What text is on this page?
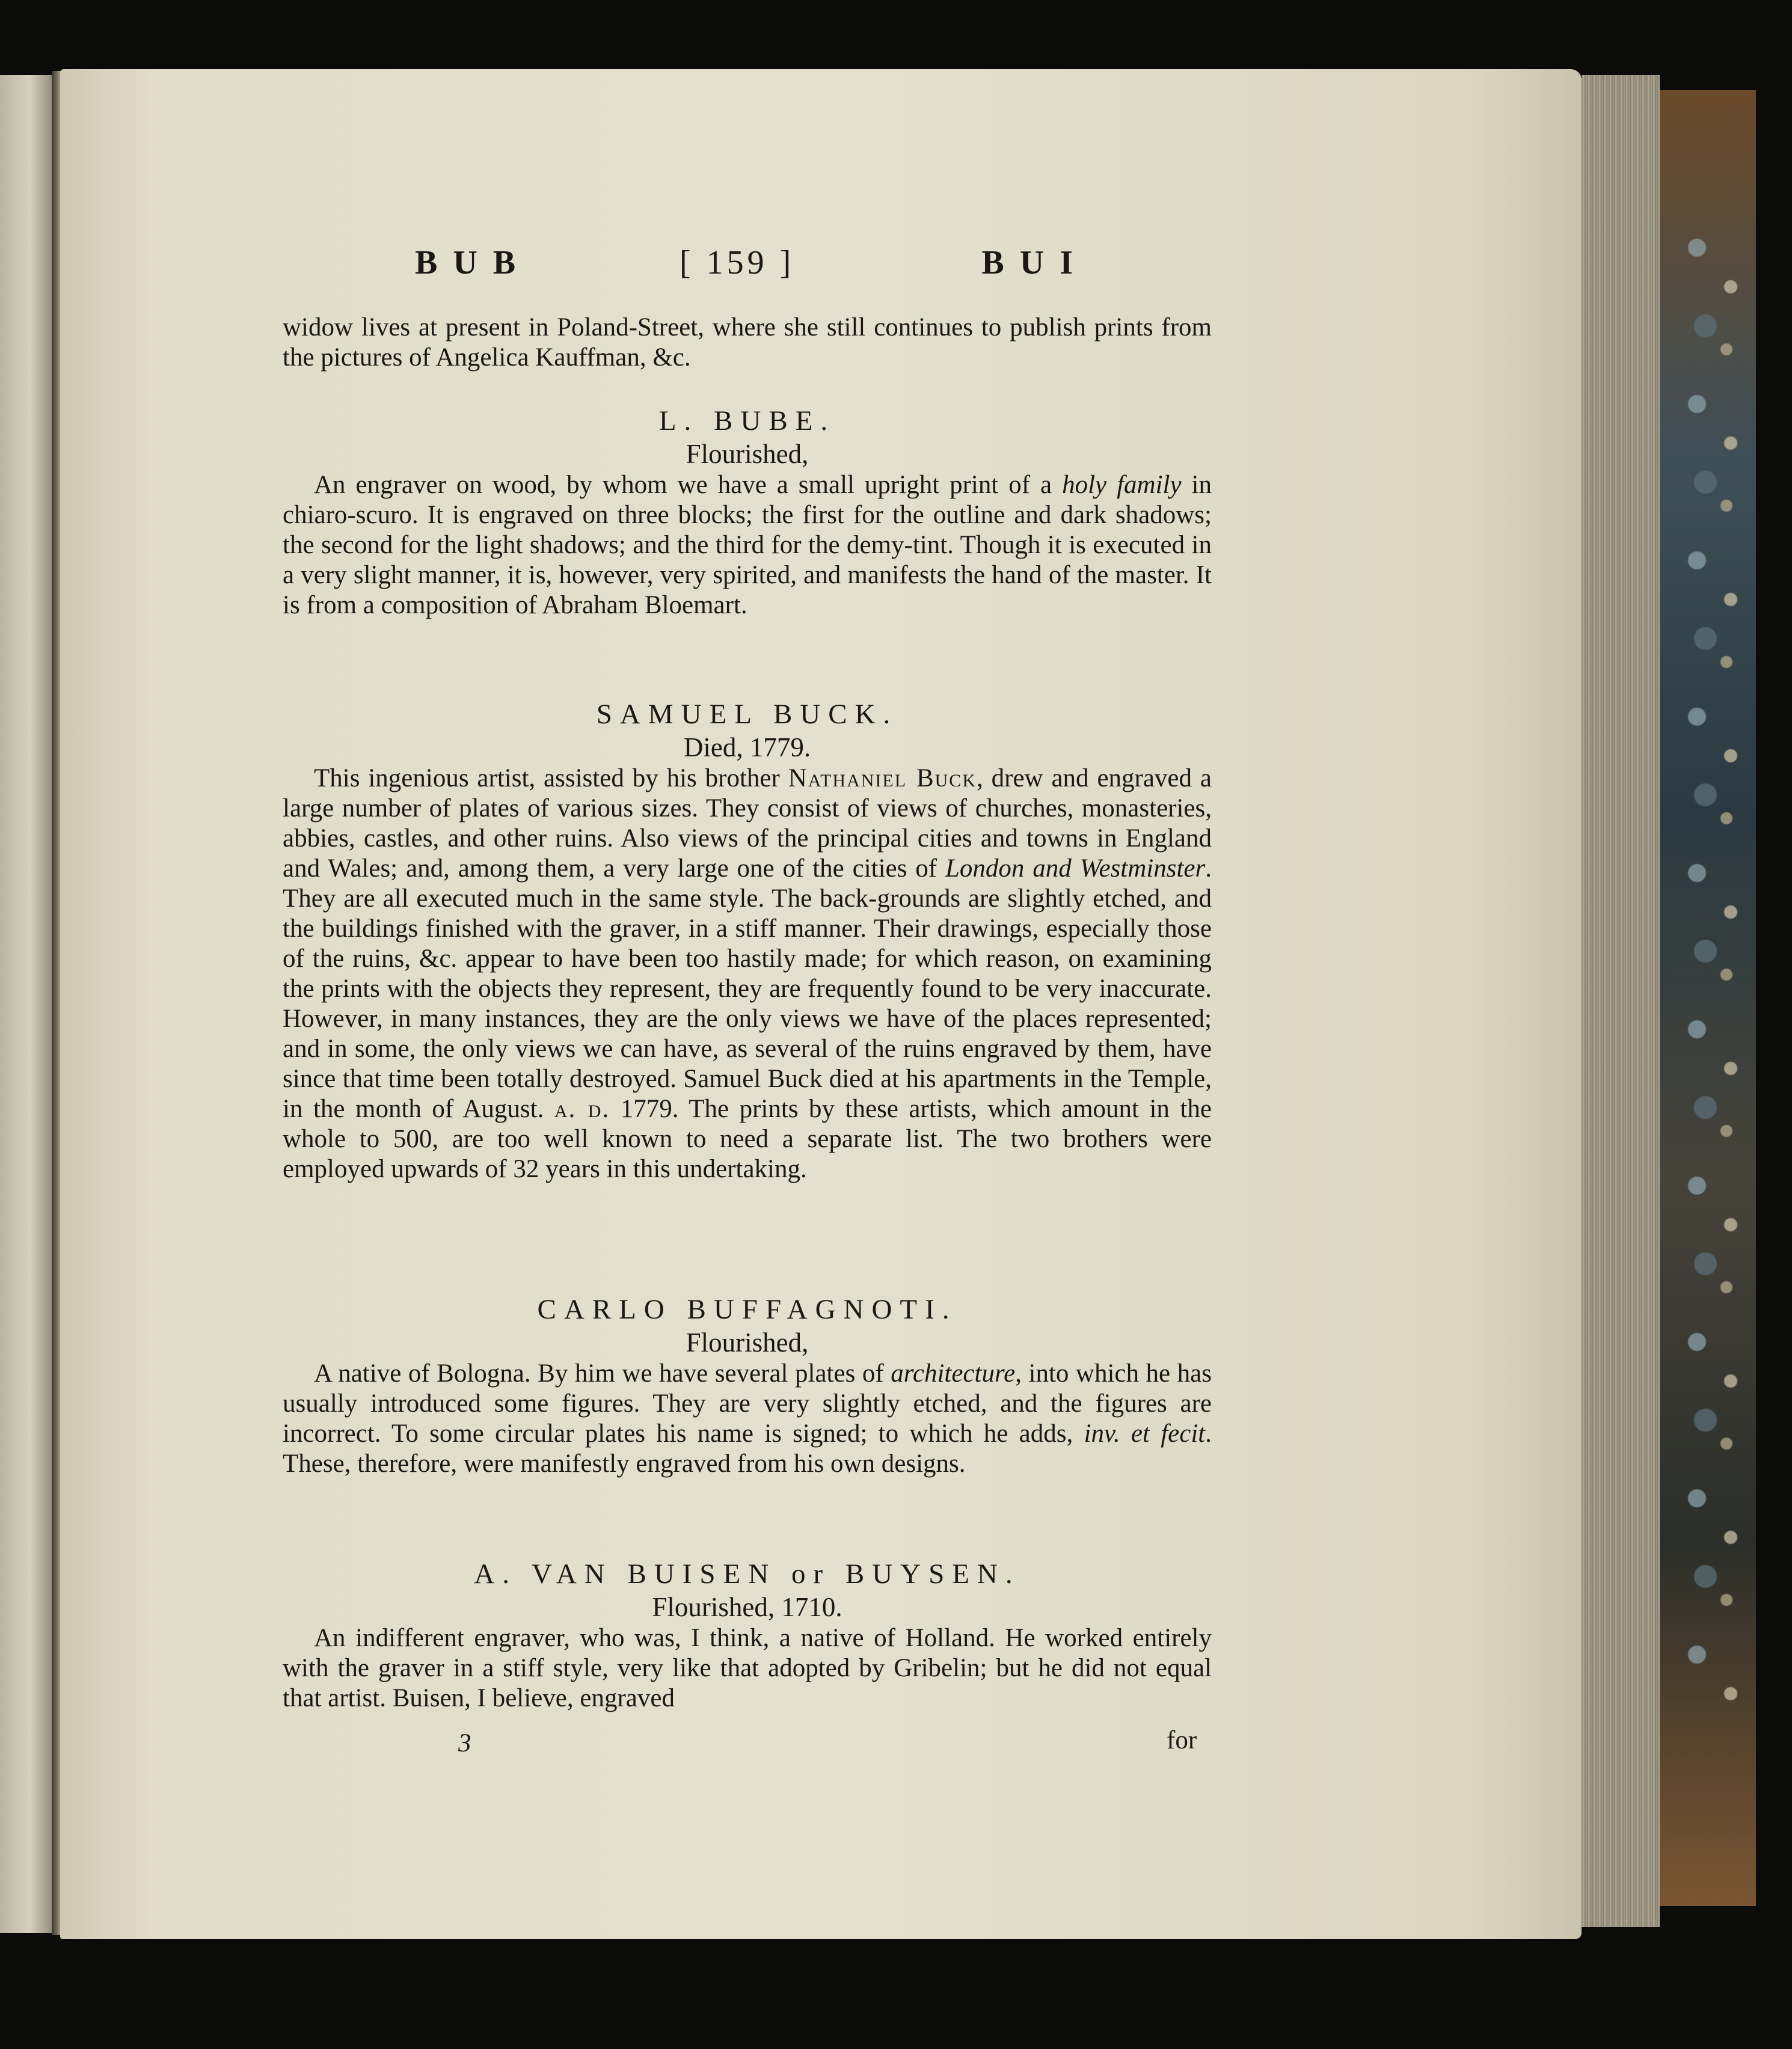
BUB	[ 159 ]	BUI

widow lives at present in Poland-Street, where she still continues to publish prints from the pictures of Angelica Kauffman, &c.

L. BUBE.

Flourished,

An engraver on wood, by whom we have a small upright print of a holy family in chiaro-scuro. It is engraved on three blocks; the first for the outline and dark shadows; the second for the light shadows; and the third for the demy-tint. Though it is executed in a very slight manner, it is, however, very spirited, and manifests the hand of the master. It is from a composition of Abraham Bloemart.

SAMUEL BUCK.

Died, 1779.

This ingenious artist, assisted by his brother Nathaniel Buck, drew and engraved a large number of plates of various sizes. They consist of views of churches, monasteries, abbies, castles, and other ruins. Also views of the principal cities and towns in England and Wales; and, among them, a very large one of the cities of London and Westminster. They are all executed much in the same style. The back-grounds are slightly etched, and the buildings finished with the graver, in a stiff manner. Their drawings, especially those of the ruins, &c. appear to have been too hastily made; for which reason, on examining the prints with the objects they represent, they are frequently found to be very inaccurate. However, in many instances, they are the only views we have of the places represented; and in some, the only views we can have, as several of the ruins engraved by them, have since that time been totally destroyed. Samuel Buck died at his apartments in the Temple, in the month of August. a. d. 1779. The prints by these artists, which amount in the whole to 500, are too well known to need a separate list. The two brothers were employed upwards of 32 years in this undertaking.

CARLO BUFFAGNOTI.

Flourished,

A native of Bologna. By him we have several plates of architecture, into which he has usually introduced some figures. They are very slightly etched, and the figures are incorrect. To some circular plates his name is signed; to which he adds, inv. et fecit. These, therefore, were manifestly engraved from his own designs.

A. VAN BUISEN or BUYSEN.

Flourished, 1710.

An indifferent engraver, who was, I think, a native of Holland. He worked entirely with the graver in a stiff style, very like that adopted by Gribelin; but he did not equal that artist. Buisen, I believe, engraved

3	for
